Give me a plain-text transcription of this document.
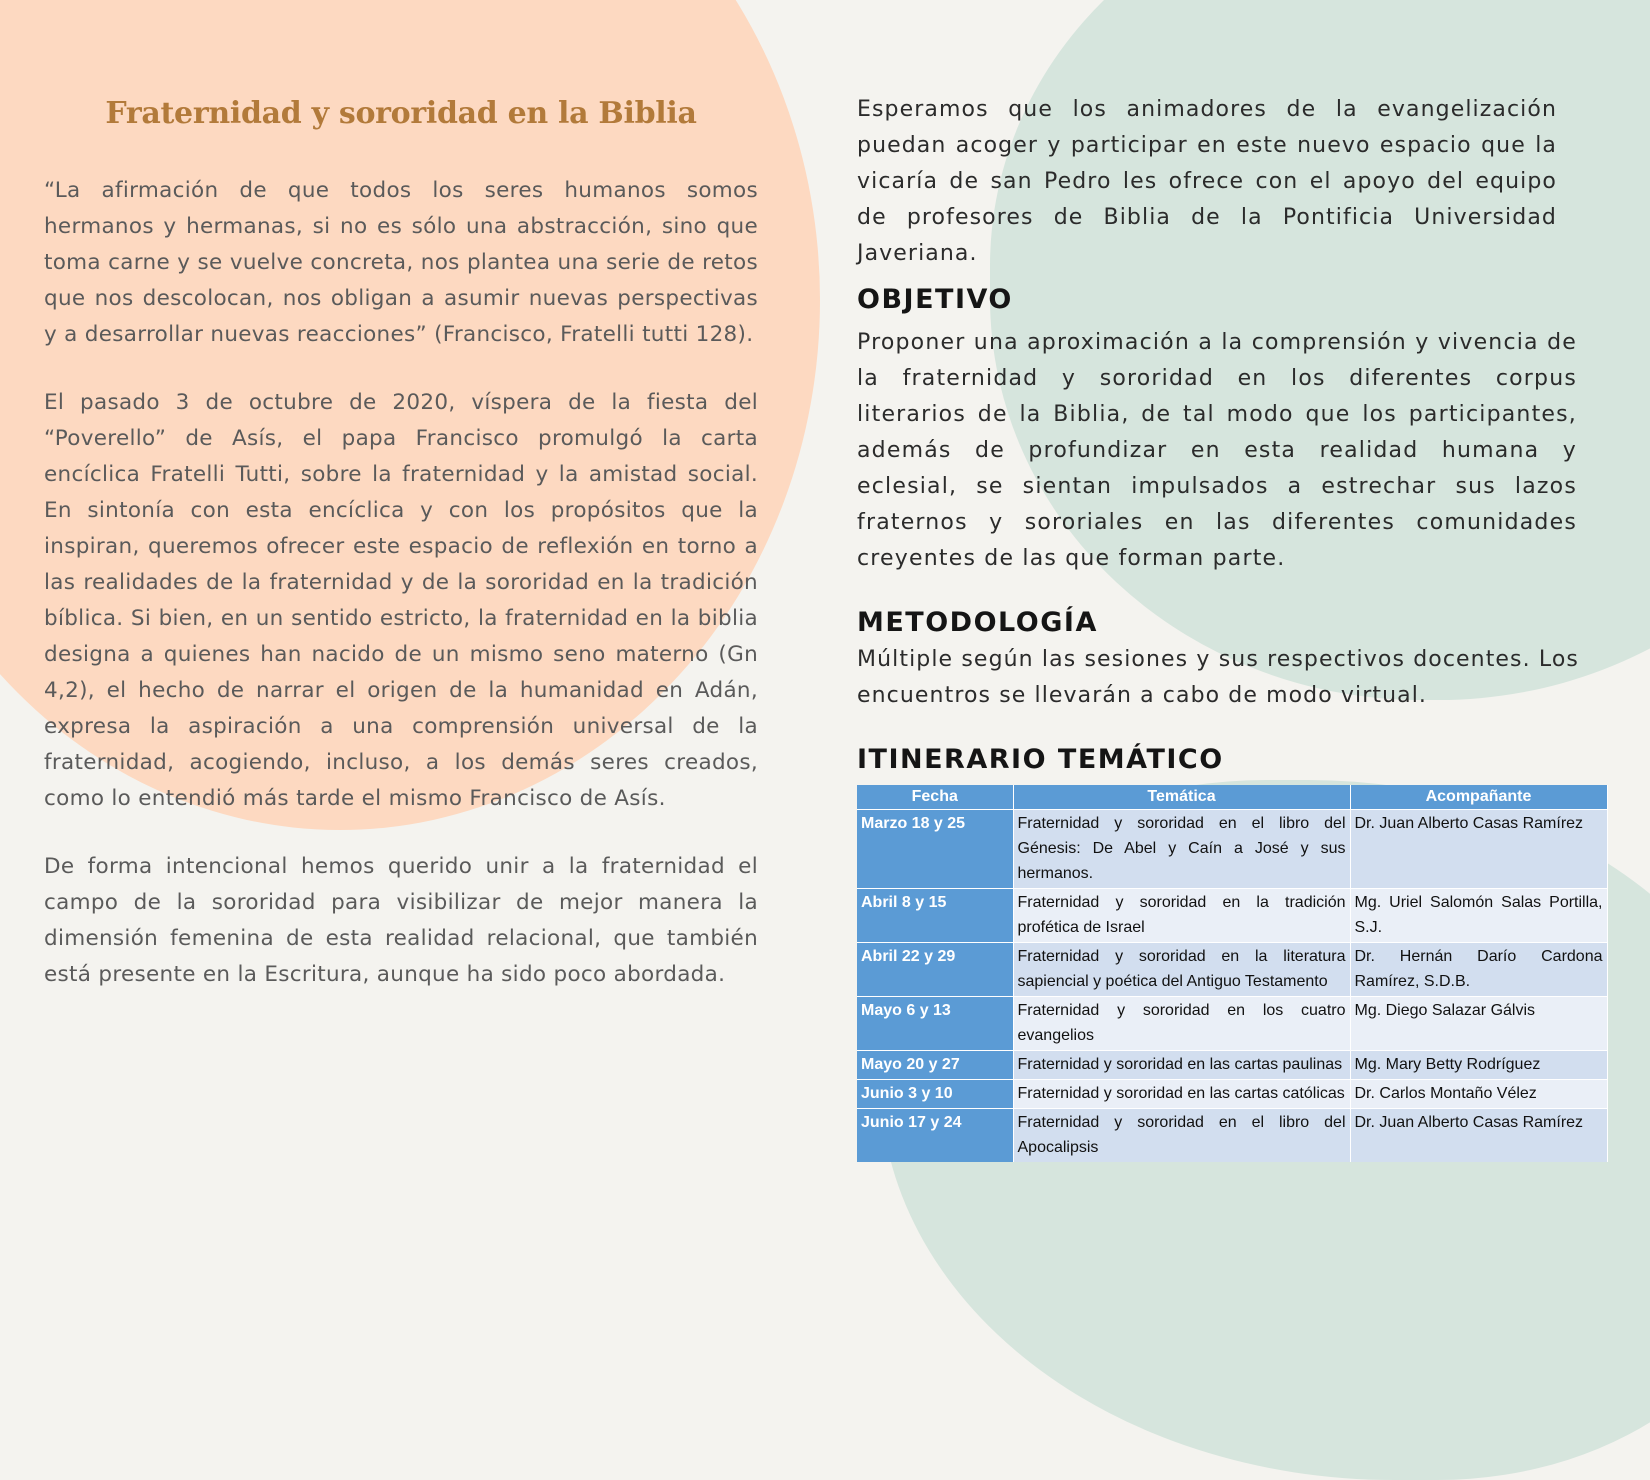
Fraternidad y sororidad en la Biblia

“La afirmación de que todos los seres humanos somos hermanos y hermanas, si no es sólo una abstracción, sino que toma carne y se vuelve concreta, nos plantea una serie de retos que nos descolocan, nos obligan a asumir nuevas perspectivas y a desarrollar nuevas reacciones” (Francisco, Fratelli tutti 128).

El pasado 3 de octubre de 2020, víspera de la fiesta del “Poverello” de Asís, el papa Francisco promulgó la carta encíclica Fratelli Tutti, sobre la fraternidad y la amistad social. En sintonía con esta encíclica y con los propósitos que la inspiran, queremos ofrecer este espacio de reflexión en torno a las realidades de la fraternidad y de la sororidad en la tradición bíblica. Si bien, en un sentido estricto, la fraternidad en la biblia designa a quienes han nacido de un mismo seno materno (Gn 4,2), el hecho de narrar el origen de la humanidad en Adán, expresa la aspiración a una comprensión universal de la fraternidad, acogiendo, incluso, a los demás seres creados, como lo entendió más tarde el mismo Francisco de Asís.

De forma intencional hemos querido unir a la fraternidad el campo de la sororidad para visibilizar de mejor manera la dimensión femenina de esta realidad relacional, que también está presente en la Escritura, aunque ha sido poco abordada.

Esperamos que los animadores de la evangelización puedan acoger y participar en este nuevo espacio que la vicaría de san Pedro les ofrece con el apoyo del equipo de profesores de Biblia de la Pontificia Universidad Javeriana.

OBJETIVO

Proponer una aproximación a la comprensión y vivencia de la fraternidad y sororidad en los diferentes corpus literarios de la Biblia, de tal modo que los participantes, además de profundizar en esta realidad humana y eclesial, se sientan impulsados a estrechar sus lazos fraternos y sororiales en las diferentes comunidades creyentes de las que forman parte.

METODOLOGÍA

Múltiple según las sesiones y sus respectivos docentes. Los encuentros se llevarán a cabo de modo virtual.

ITINERARIO TEMÁTICO
Fecha	Temática	Acompañante
Marzo 18 y 25	Fraternidad y sororidad en el libro del Génesis: De Abel y Caín a José y sus hermanos.	Dr. Juan Alberto Casas Ramírez
Abril 8 y 15	Fraternidad y sororidad en la tradición profética de Israel	Mg. Uriel Salomón Salas Portilla, S.J.
Abril 22 y 29	Fraternidad y sororidad en la literatura sapiencial y poética del Antiguo Testamento	Dr. Hernán Darío Cardona Ramírez, S.D.B.
Mayo 6 y 13	Fraternidad y sororidad en los cuatro evangelios	Mg. Diego Salazar Gálvis
Mayo 20 y 27	Fraternidad y sororidad en las cartas paulinas	Mg. Mary Betty Rodríguez
Junio 3 y 10	Fraternidad y sororidad en las cartas católicas	Dr. Carlos Montaño Vélez
Junio 17 y 24	Fraternidad y sororidad en el libro del Apocalipsis	Dr. Juan Alberto Casas Ramírez
